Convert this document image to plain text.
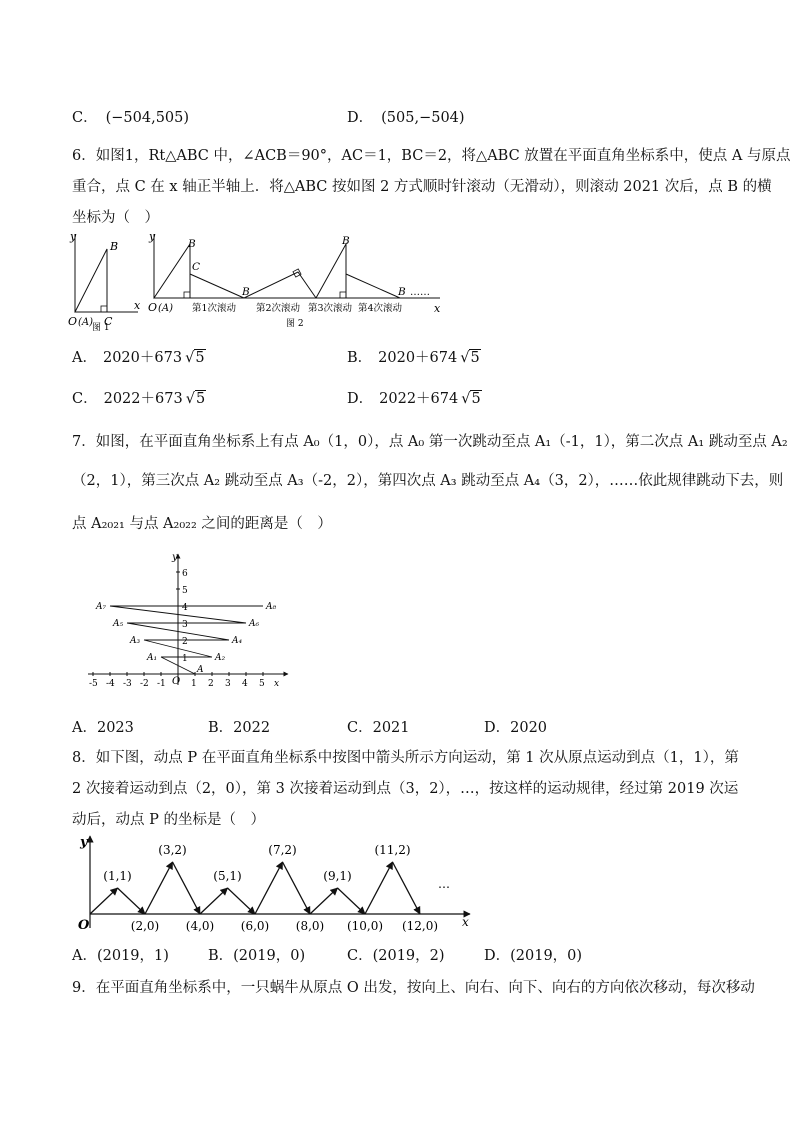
C． (−504,505)	D． (505,−504)
6．如图1，Rt△ABC 中，∠ACB＝90°，AC＝1，BC＝2，将△ABC 放置在平面直角坐标系中，使点 A 与原点
重合，点 C 在 x 轴正半轴上．将△ABC 按如图 2 方式顺时针滚动（无滑动），则滚动 2021 次后，点 B 的横
坐标为（　）
y
x
B
C
O (A)
图 1
y
x
O (A)
B
C
B
B
B ……
第1次滚动 第2次滚动 第3次滚动 第4次滚动
图 2
A． 2020＋673 √5	B． 2020＋674 √5
C． 2022＋673 √5	D． 2022＋674 √5
7．如图，在平面直角坐标系上有点 A₀（1，0），点 A₀ 第一次跳动至点 A₁（-1，1），第二次点 A₁ 跳动至点 A₂
（2，1），第三次点 A₂ 跳动至点 A₃（-2，2），第四次点 A₃ 跳动至点 A₄（3，2），……依此规律跳动下去，则
点 A₂₀₂₁ 与点 A₂₀₂₂ 之间的距离是（　）
y
O
1
2
3
4
5
6
-5 -4 -3 -2 -1	1 2 3 4 5 x
A
A₁	A₂
A₃	A₄
A₅	A₆
A₇	A₈
A．2023	B．2022	C．2021	D．2020
8．如下图，动点 P 在平面直角坐标系中按图中箭头所示方向运动，第 1 次从原点运动到点（1，1），第
2 次接着运动到点（2，0），第 3 次接着运动到点（3，2），…，按这样的运动规律，经过第 2019 次运
动后，动点 P 的坐标是（　）
y
x
O
…
(1,1)
(2,0)
(3,2)
(4,0)
(5,1)
(6,0)
(7,2)
(8,0)
(9,1)
(10,0)
(11,2)
(12,0)
A．(2019，1)	B．(2019，0)	C．(2019，2)	D．(2019，0)
9．在平面直角坐标系中，一只蜗牛从原点 O 出发，按向上、向右、向下、向右的方向依次移动，每次移动
